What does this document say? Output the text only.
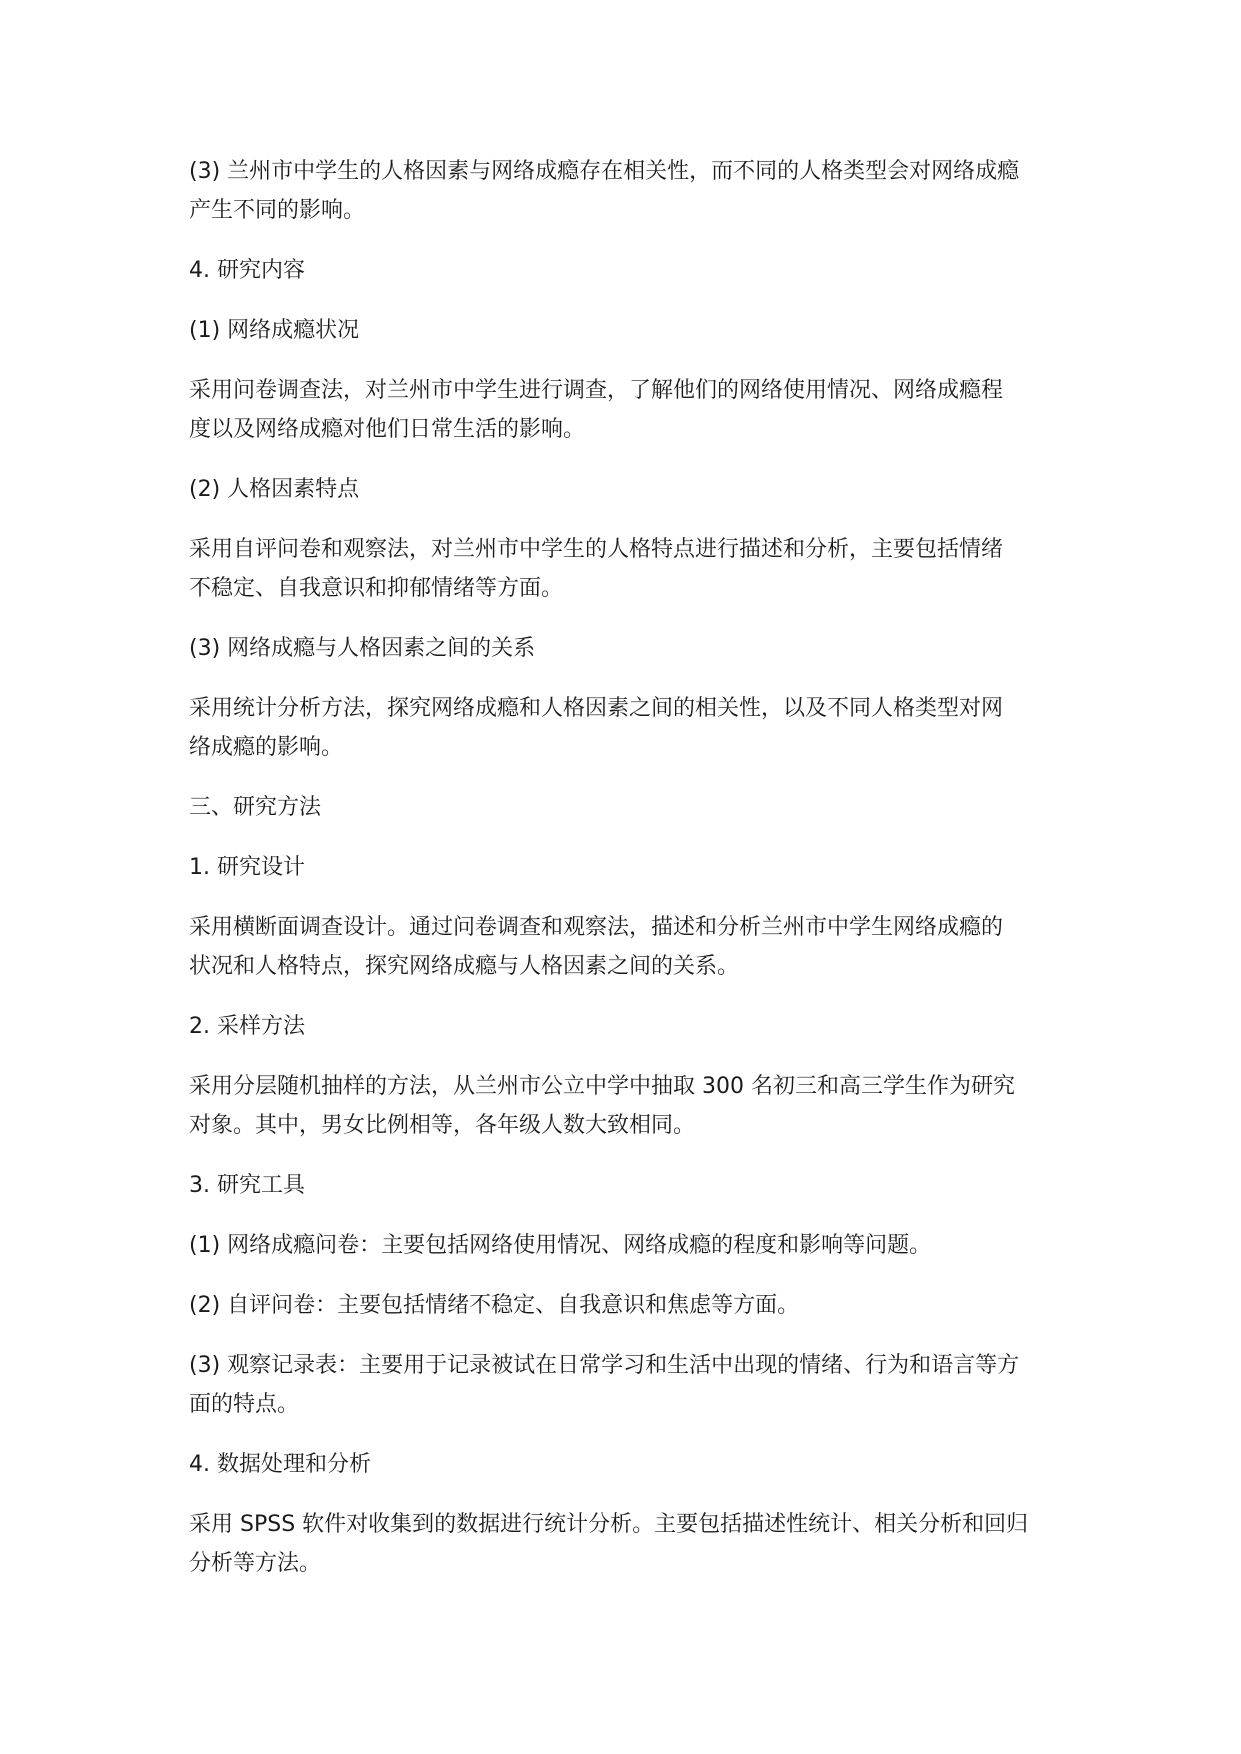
(3) 兰州市中学生的人格因素与网络成瘾存在相关性，而不同的人格类型会对网络成瘾
产生不同的影响。
4. 研究内容
(1) 网络成瘾状况
采用问卷调查法，对兰州市中学生进行调查，了解他们的网络使用情况、网络成瘾程
度以及网络成瘾对他们日常生活的影响。
(2) 人格因素特点
采用自评问卷和观察法，对兰州市中学生的人格特点进行描述和分析，主要包括情绪
不稳定、自我意识和抑郁情绪等方面。
(3) 网络成瘾与人格因素之间的关系
采用统计分析方法，探究网络成瘾和人格因素之间的相关性，以及不同人格类型对网
络成瘾的影响。
三、研究方法
1. 研究设计
采用横断面调查设计。通过问卷调查和观察法，描述和分析兰州市中学生网络成瘾的
状况和人格特点，探究网络成瘾与人格因素之间的关系。
2. 采样方法
采用分层随机抽样的方法，从兰州市公立中学中抽取 300 名初三和高三学生作为研究
对象。其中，男女比例相等，各年级人数大致相同。
3. 研究工具
(1) 网络成瘾问卷：主要包括网络使用情况、网络成瘾的程度和影响等问题。
(2) 自评问卷：主要包括情绪不稳定、自我意识和焦虑等方面。
(3) 观察记录表：主要用于记录被试在日常学习和生活中出现的情绪、行为和语言等方
面的特点。
4. 数据处理和分析
采用 SPSS 软件对收集到的数据进行统计分析。主要包括描述性统计、相关分析和回归
分析等方法。
